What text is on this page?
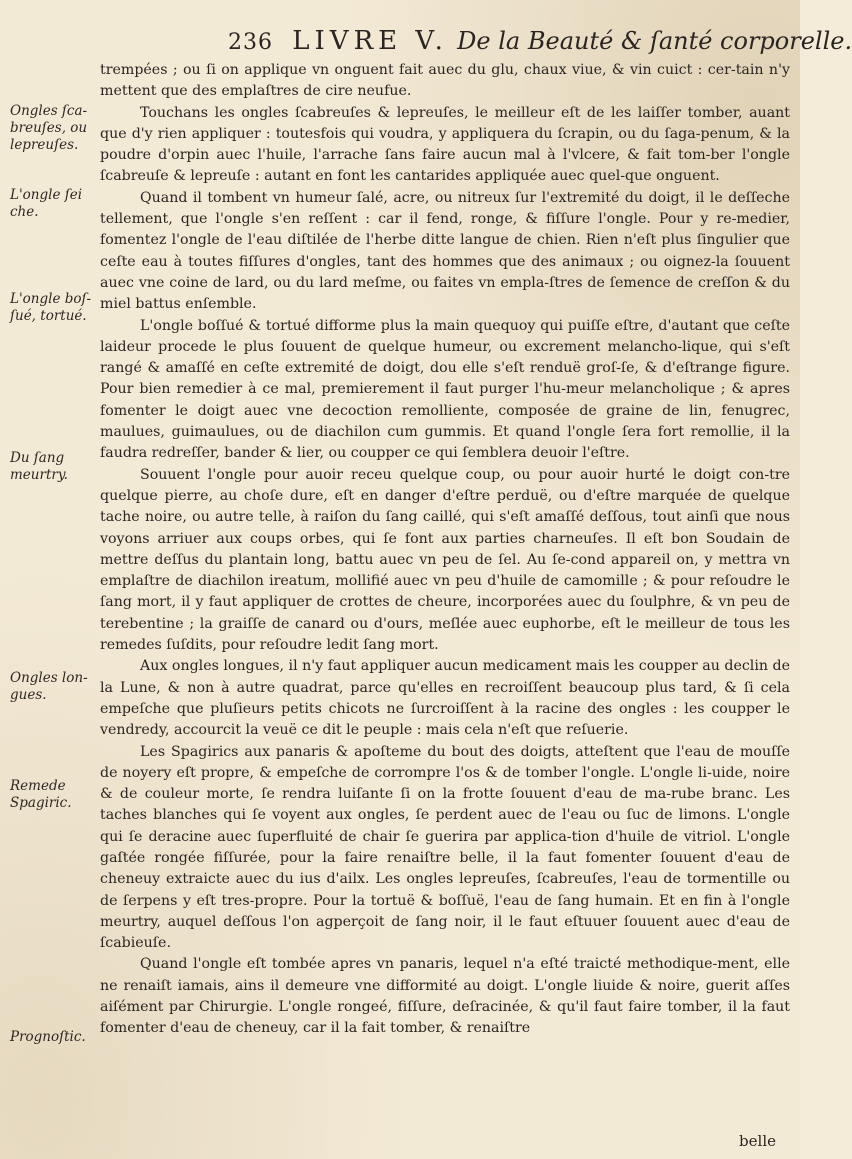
236 LIVRE V. De la Beauté & ſanté corporelle.
Ongles ſca-breuſes, ou lepreuſes.
L'ongle ſei che.
L'ongle boſ-ſué, tortué.
Du ſang meurtry.
Ongles lon-gues.
Remede Spagiric.
Prognoſtic.

trempées ; ou ſi on applique vn onguent fait auec du glu, chaux viue, & vin cuict : cer-tain n'y mettent que des emplaſtres de cire neufue.

Touchans les ongles ſcabreuſes & lepreuſes, le meilleur eſt de les laiſſer tomber, auant que d'y rien appliquer : toutesfois qui voudra, y appliquera du ſcrapin, ou du ſaga-penum, & la poudre d'orpin auec l'huile, l'arrache ſans faire aucun mal à l'vlcere, & fait tom-ber l'ongle ſcabreuſe & lepreuſe : autant en font les cantarides appliquée auec quel-que onguent.

Quand il tombent vn humeur ſalé, acre, ou nitreux ſur l'extremité du doigt, il le deſſeche tellement, que l'ongle s'en reſſent : car il fend, ronge, & fiſſure l'ongle. Pour y re-medier, fomentez l'ongle de l'eau diſtilée de l'herbe ditte langue de chien. Rien n'eſt plus ſingulier que ceſte eau à toutes fiſſures d'ongles, tant des hommes que des animaux ; ou oignez-la ſouuent auec vne coine de lard, ou du lard meſme, ou faites vn empla-ſtres de ſemence de creſſon & du miel battus enſemble.

L'ongle boſſué & tortué difforme plus la main quequoy qui puiſſe eſtre, d'autant que ceſte laideur procede le plus ſouuent de quelque humeur, ou excrement melancho-lique, qui s'eſt rangé & amaſſé en ceſte extremité de doigt, dou elle s'eſt renduë groſ-ſe, & d'eſtrange figure. Pour bien remedier à ce mal, premierement il faut purger l'hu-meur melancholique ; & apres fomenter le doigt auec vne decoction remolliente, composée de graine de lin, fenugrec, maulues, guimaulues, ou de diachilon cum gummis. Et quand l'ongle ſera fort remollie, il la faudra redreſſer, bander & lier, ou coupper ce qui ſemblera deuoir l'eſtre.

Souuent l'ongle pour auoir receu quelque coup, ou pour auoir hurté le doigt con-tre quelque pierre, au choſe dure, eſt en danger d'eſtre perduë, ou d'eſtre marquée de quelque tache noire, ou autre telle, à raiſon du ſang caillé, qui s'eſt amaſſé deſſous, tout ainſi que nous voyons arriuer aux coups orbes, qui ſe font aux parties charneuſes. Il eſt bon Soudain de mettre deſſus du plantain long, battu auec vn peu de ſel. Au ſe-cond appareil on, y mettra vn emplaſtre de diachilon ireatum, mollifié auec vn peu d'huile de camomille ; & pour reſoudre le ſang mort, il y faut appliquer de crottes de cheure, incorporées auec du ſoulphre, & vn peu de terebentine ; la graiſſe de canard ou d'ours, meſlée auec euphorbe, eſt le meilleur de tous les remedes ſuſdits, pour reſoudre ledit ſang mort.

Aux ongles longues, il n'y faut appliquer aucun medicament mais les coupper au declin de la Lune, & non à autre quadrat, parce qu'elles en recroiſſent beaucoup plus tard, & ſi cela empeſche que pluſieurs petits chicots ne ſurcroiſſent à la racine des ongles : les coupper le vendredy, accourcit la veuë ce dit le peuple : mais cela n'eſt que reſuerie.

Les Spagirics aux panaris & apoſteme du bout des doigts, atteſtent que l'eau de mouſſe de noyery eſt propre, & empeſche de corrompre l'os & de tomber l'ongle. L'ongle li-uide, noire & de couleur morte, ſe rendra luiſante ſi on la frotte ſouuent d'eau de ma-rube branc. Les taches blanches qui ſe voyent aux ongles, ſe perdent auec de l'eau ou ſuc de limons. L'ongle qui ſe deracine auec ſuperfluité de chair ſe guerira par applica-tion d'huile de vitriol. L'ongle gaſtée rongée fiſſurée, pour la faire renaiſtre belle, il la faut fomenter ſouuent d'eau de cheneuy extraicte auec du ius d'ailx. Les ongles lepreuſes, ſcabreuſes, l'eau de tormentille ou de ſerpens y eſt tres-propre. Pour la tortuë & boſſuë, l'eau de ſang humain. Et en fin à l'ongle meurtry, auquel deſſous l'on agperçoit de ſang noir, il le faut eſtuuer ſouuent auec d'eau de ſcabieuſe.

Quand l'ongle eſt tombée apres vn panaris, lequel n'a eſté traicté methodique-ment, elle ne renaiſt iamais, ains il demeure vne difformité au doigt. L'ongle liuide & noire, guerit aſſes aiſément par Chirurgie. L'ongle rongeé, fiſſure, deſracinée, & qu'il faut faire tomber, il la faut fomenter d'eau de cheneuy, car il la fait tomber, & renaiſtre

belle
